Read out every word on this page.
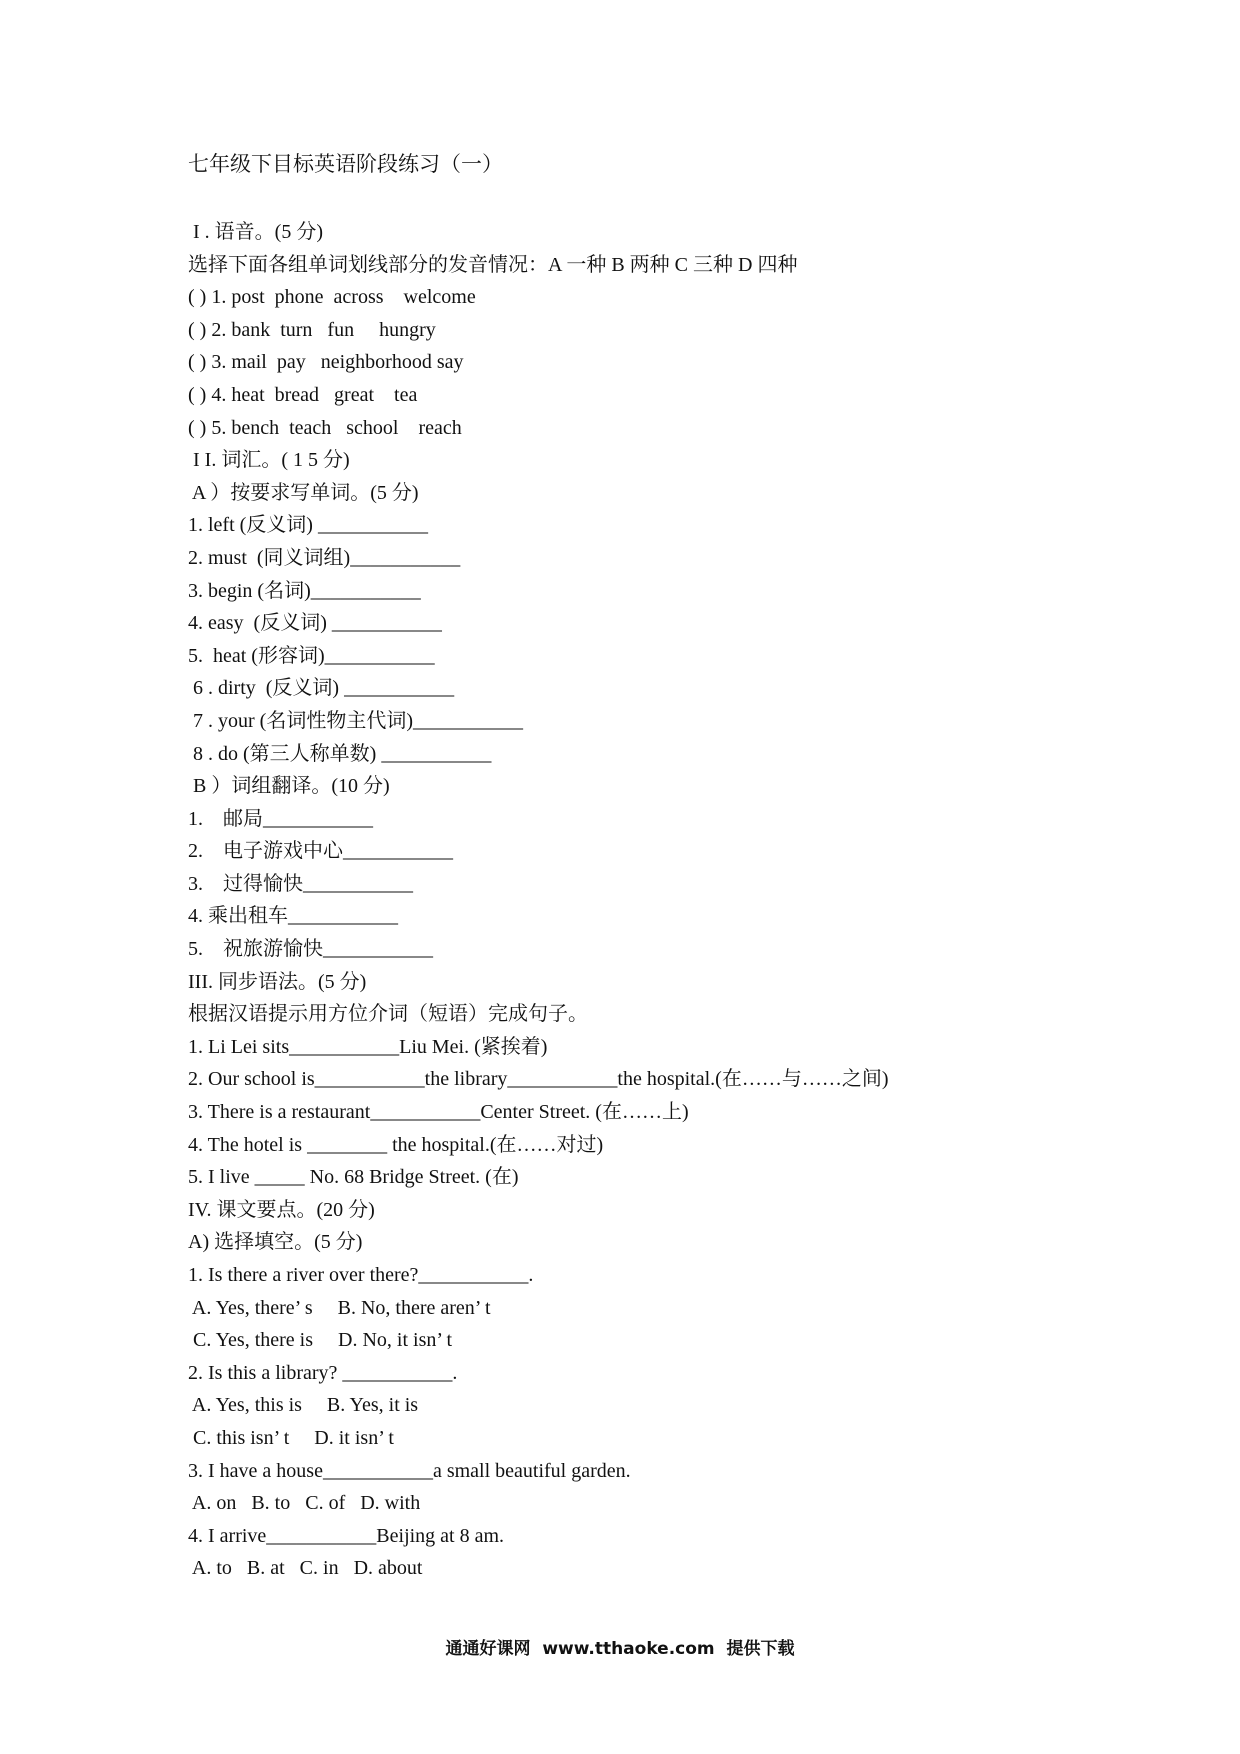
七年级下目标英语阶段练习（一）
I . 语音。(5 分)
选择下面各组单词划线部分的发音情况：A 一种 B 两种 C 三种 D 四种
( ) 1. post  phone  across    welcome
( ) 2. bank  turn   fun     hungry
( ) 3. mail  pay   neighborhood say
( ) 4. heat  bread   great    tea
( ) 5. bench  teach   school    reach
I I. 词汇。( 1 5 分)
A ）按要求写单词。(5 分)
1. left (反义词) ___________
2. must  (同义词组)___________
3. begin (名词)___________
4. easy  (反义词) ___________
5.  heat (形容词)___________
6 . dirty  (反义词) ___________
7 . your (名词性物主代词)___________
8 . do (第三人称单数) ___________
B ）词组翻译。(10 分)
1.    邮局___________
2.    电子游戏中心___________
3.    过得愉快___________
4. 乘出租车___________
5.    祝旅游愉快___________
III. 同步语法。(5 分)
根据汉语提示用方位介词（短语）完成句子。
1. Li Lei sits___________Liu Mei. (紧挨着)
2. Our school is___________the library___________the hospital.(在……与……之间)
3. There is a restaurant___________Center Street. (在……上)
4. The hotel is ________ the hospital.(在……对过)
5. I live _____ No. 68 Bridge Street. (在)
IV. 课文要点。(20 分)
A) 选择填空。(5 分)
1. Is there a river over there?___________.
A. Yes, there’ s     B. No, there aren’ t
C. Yes, there is     D. No, it isn’ t
2. Is this a library? ___________.
A. Yes, this is     B. Yes, it is
C. this isn’ t     D. it isn’ t
3. I have a house___________a small beautiful garden.
A. on   B. to   C. of   D. with
4. I arrive___________Beijing at 8 am.
A. to   B. at   C. in   D. about
通通好课网  www.tthaoke.com  提供下载
